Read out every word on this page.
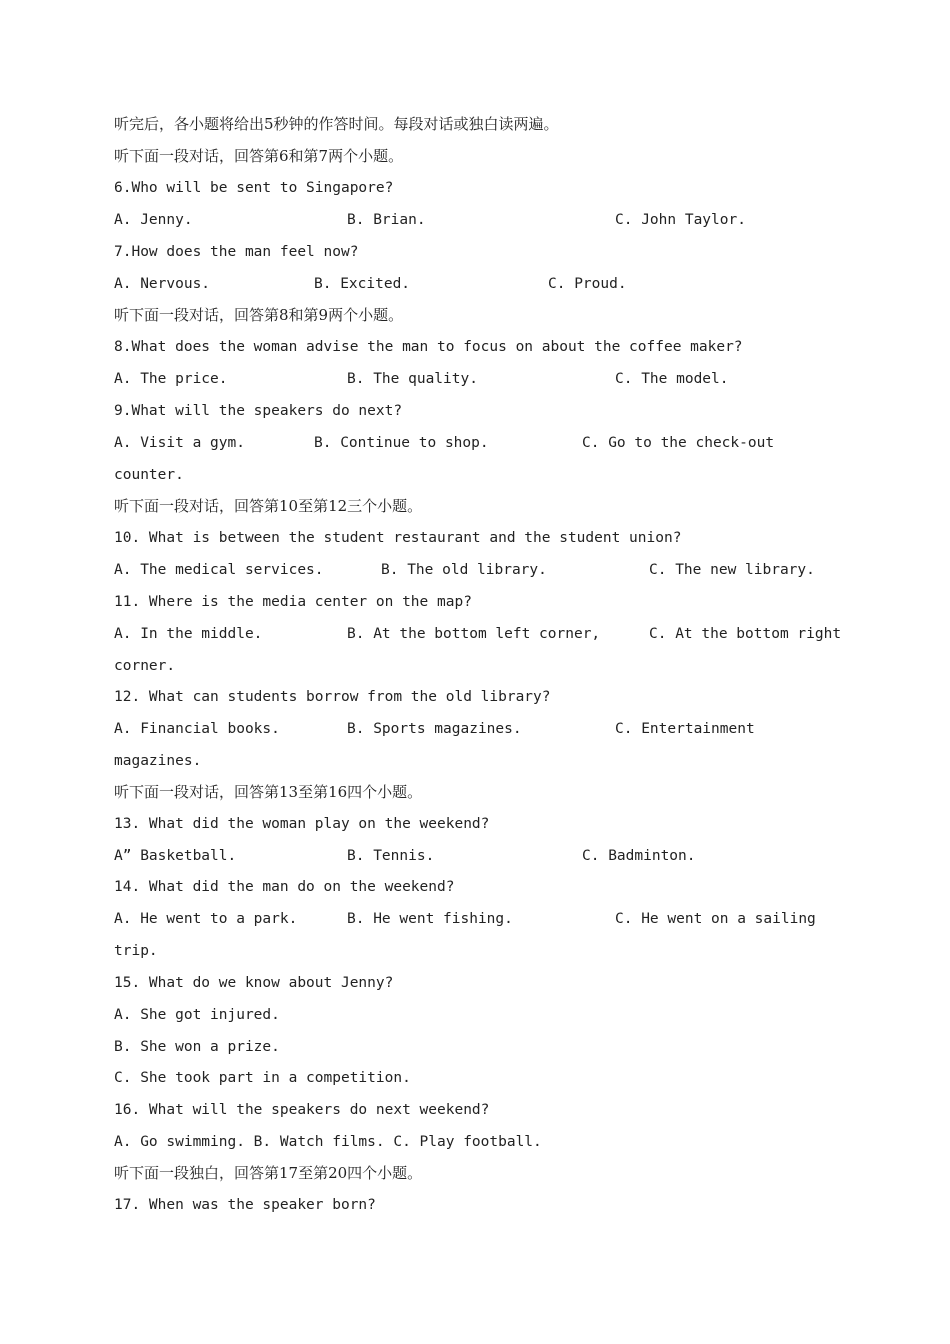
听完后，各小题将给出5秒钟的作答时间。每段对话或独白读两遍。
听下面一段对话，回答第6和第7两个小题。
6.Who will be sent to Singapore?
A. Jenny.	B. Brian.	C. John Taylor.
7.How does the man feel now?
A. Nervous.	B. Excited.	C. Proud.
听下面一段对话，回答第8和第9两个小题。
8.What does the woman advise the man to focus on about the coffee maker?
A. The price.	B. The quality.	C. The model.
9.What will the speakers do next?
A. Visit a gym.	B. Continue to shop.	C. Go to the check-out
counter.
听下面一段对话，回答第10至第12三个小题。
10. What is between the student restaurant and the student union?
A. The medical services.	B. The old library.	C. The new library.
11. Where is the media center on the map?
A. In the middle.	B. At the bottom left corner,	C. At the bottom right
corner.
12. What can students borrow from the old library?
A. Financial books.	B. Sports magazines.	C. Entertainment
magazines.
听下面一段对话，回答第13至第16四个小题。
13. What did the woman play on the weekend?
A” Basketball.	B. Tennis.	C. Badminton.
14. What did the man do on the weekend?
A. He went to a park.	B. He went fishing.	C. He went on a sailing
trip.
15. What do we know about Jenny?
A. She got injured.
B. She won a prize.
C. She took part in a competition.
16. What will the speakers do next weekend?
A. Go swimming. B. Watch films. C. Play football.
听下面一段独白，回答第17至第20四个小题。
17. When was the speaker born?
